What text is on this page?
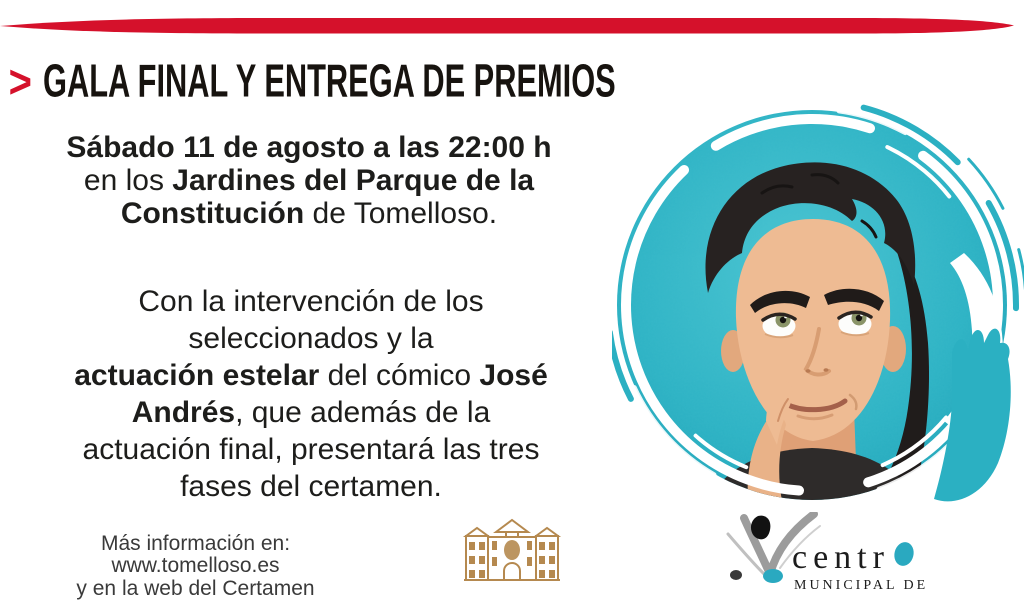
> GALA FINAL Y ENTREGA DE PREMIOS

Sábado 11 de agosto a las 22:00 h
en los Jardines del Parque de la Constitución de Tomelloso.

Con la intervención de los
seleccionados y la
actuación estelar del cómico José
Andrés, que además de la
actuación final, presentará las tres
fases del certamen.

Más información en:
www.tomelloso.es
y en la web del Certamen
centr
MUNICIPAL DE
